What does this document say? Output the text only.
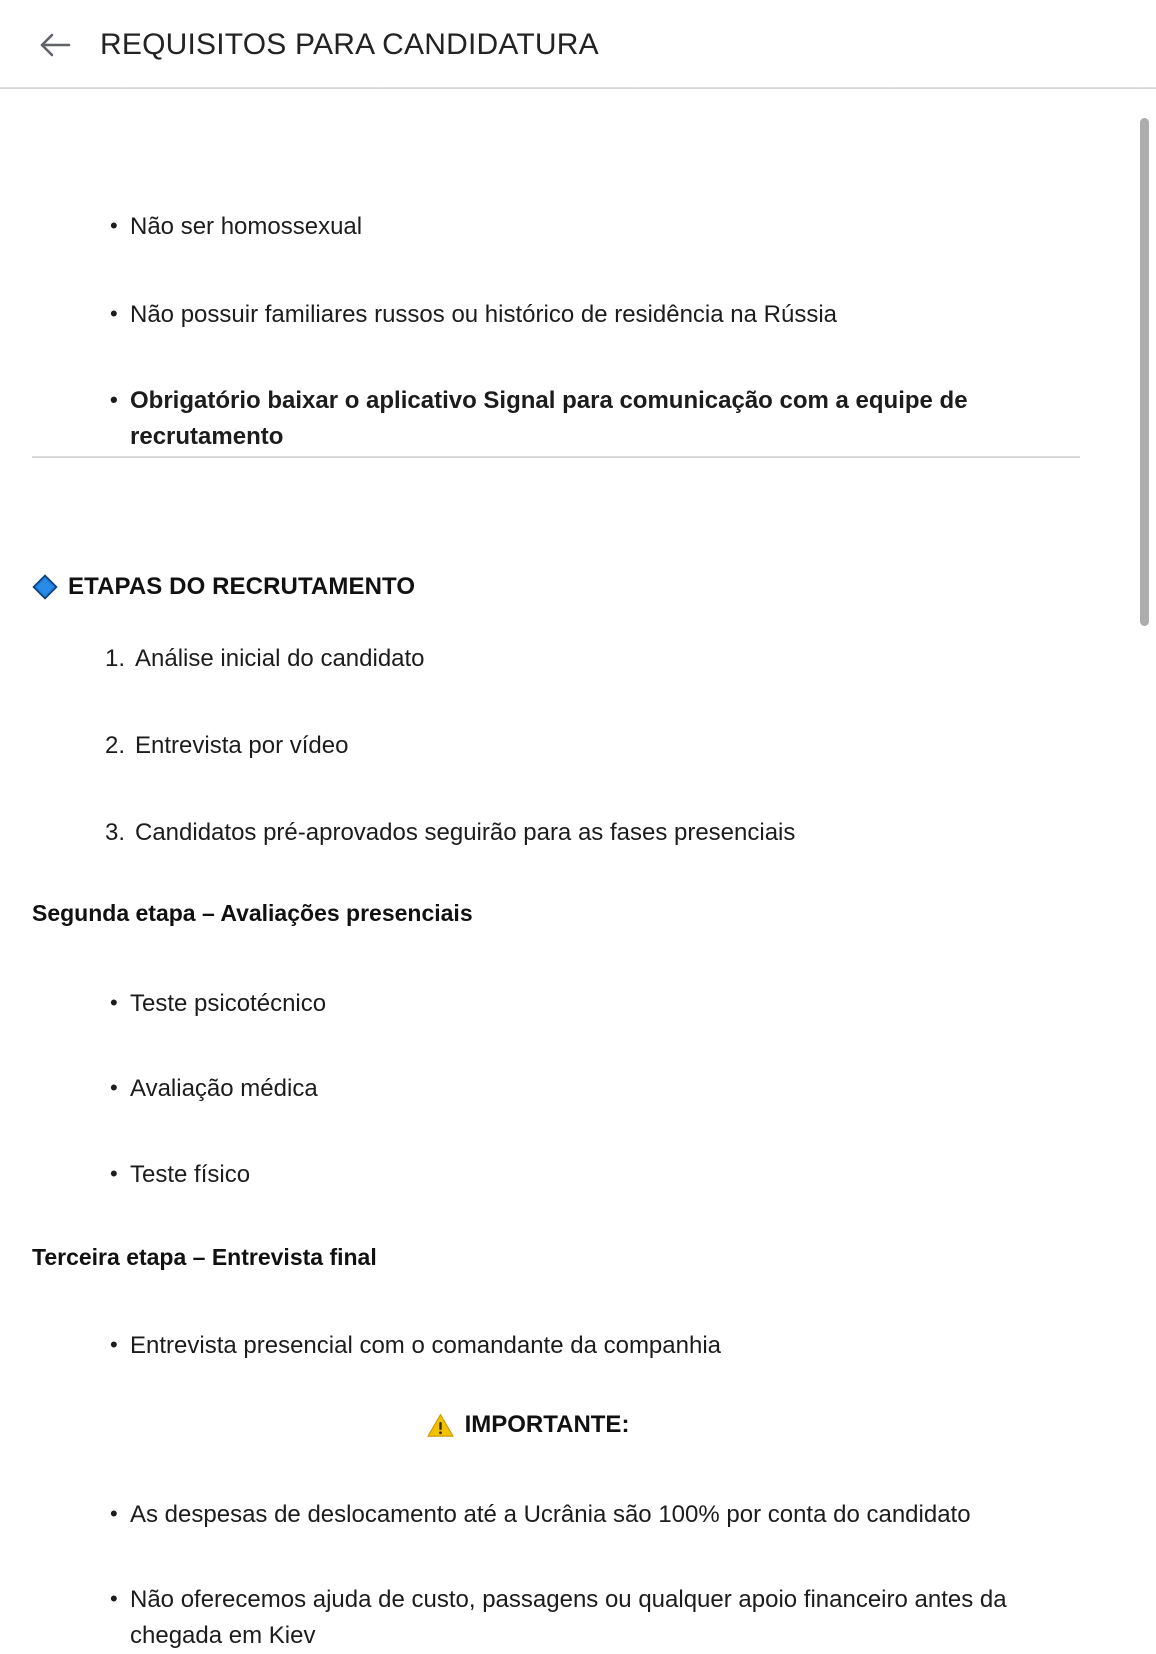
REQUISITOS PARA CANDIDATURA
• Não ser homossexual
• Não possuir familiares russos ou histórico de residência na Rússia
• Obrigatório baixar o aplicativo Signal para comunicação com a equipe de recrutamento
ETAPAS DO RECRUTAMENTO
1. Análise inicial do candidato
2. Entrevista por vídeo
3. Candidatos pré-aprovados seguirão para as fases presenciais
Segunda etapa – Avaliações presenciais
• Teste psicotécnico
• Avaliação médica
• Teste físico
Terceira etapa – Entrevista final
• Entrevista presencial com o comandante da companhia
IMPORTANTE:
• As despesas de deslocamento até a Ucrânia são 100% por conta do candidato
• Não oferecemos ajuda de custo, passagens ou qualquer apoio financeiro antes da chegada em Kiev
